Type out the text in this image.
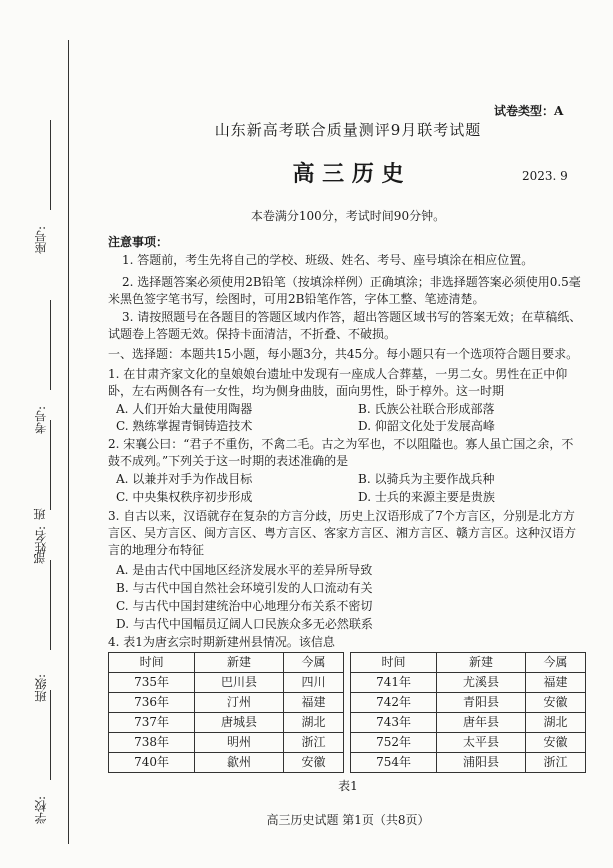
座号:
考号:
姓名:
班
部
班级:
学校:
试卷类型：A
山东新高考联合质量测评9月联考试题
高 三 历 史	2023. 9
本卷满分100分，考试时间90分钟。
注意事项：
1. 答题前，考生先将自己的学校、班级、姓名、考号、座号填涂在相应位置。
2. 选择题答案必须使用2B铅笔（按填涂样例）正确填涂；非选择题答案必须使用0.5毫米黑色签字笔书写，绘图时，可用2B铅笔作答，字体工整、笔迹清楚。
3. 请按照题号在各题目的答题区域内作答，超出答题区域书写的答案无效；在草稿纸、试题卷上答题无效。保持卡面清洁，不折叠、不破损。
一、选择题：本题共15小题，每小题3分，共45分。每小题只有一个选项符合题目要求。
1. 在甘肃齐家文化的皇娘娘台遗址中发现有一座成人合葬墓，一男二女。男性在正中仰卧，左右两侧各有一女性，均为侧身曲肢，面向男性，卧于椁外。这一时期
A. 人们开始大量使用陶器	B. 氏族公社联合形成部落
C. 熟练掌握青铜铸造技术	D. 仰韶文化处于发展高峰
2. 宋襄公曰：“君子不重伤，不禽二毛。古之为军也，不以阻隘也。寡人虽亡国之余，不鼓不成列。”下列关于这一时期的表述准确的是
A. 以兼并对手为作战目标	B. 以骑兵为主要作战兵种
C. 中央集权秩序初步形成	D. 士兵的来源主要是贵族
3. 自古以来，汉语就存在复杂的方言分歧，历史上汉语形成了7个方言区，分别是北方方言区、吴方言区、闽方言区、粤方言区、客家方言区、湘方言区、赣方言区。这种汉语方言的地理分布特征
A. 是由古代中国地区经济发展水平的差异所导致
B. 与古代中国自然社会环境引发的人口流动有关
C. 与古代中国封建统治中心地理分布关系不密切
D. 与古代中国幅员辽阔人口民族众多无必然联系
4. 表1为唐玄宗时期新建州县情况。该信息
时间	新建	今属		时间	新建	今属
735年	巴川县	四川		741年	尤溪县	福建
736年	汀州	福建		742年	青阳县	安徽
737年	唐城县	湖北		743年	唐年县	湖北
738年	明州	浙江		752年	太平县	安徽
740年	歙州	安徽		754年	浦阳县	浙江
表1
高三历史试题 第1页（共8页）
